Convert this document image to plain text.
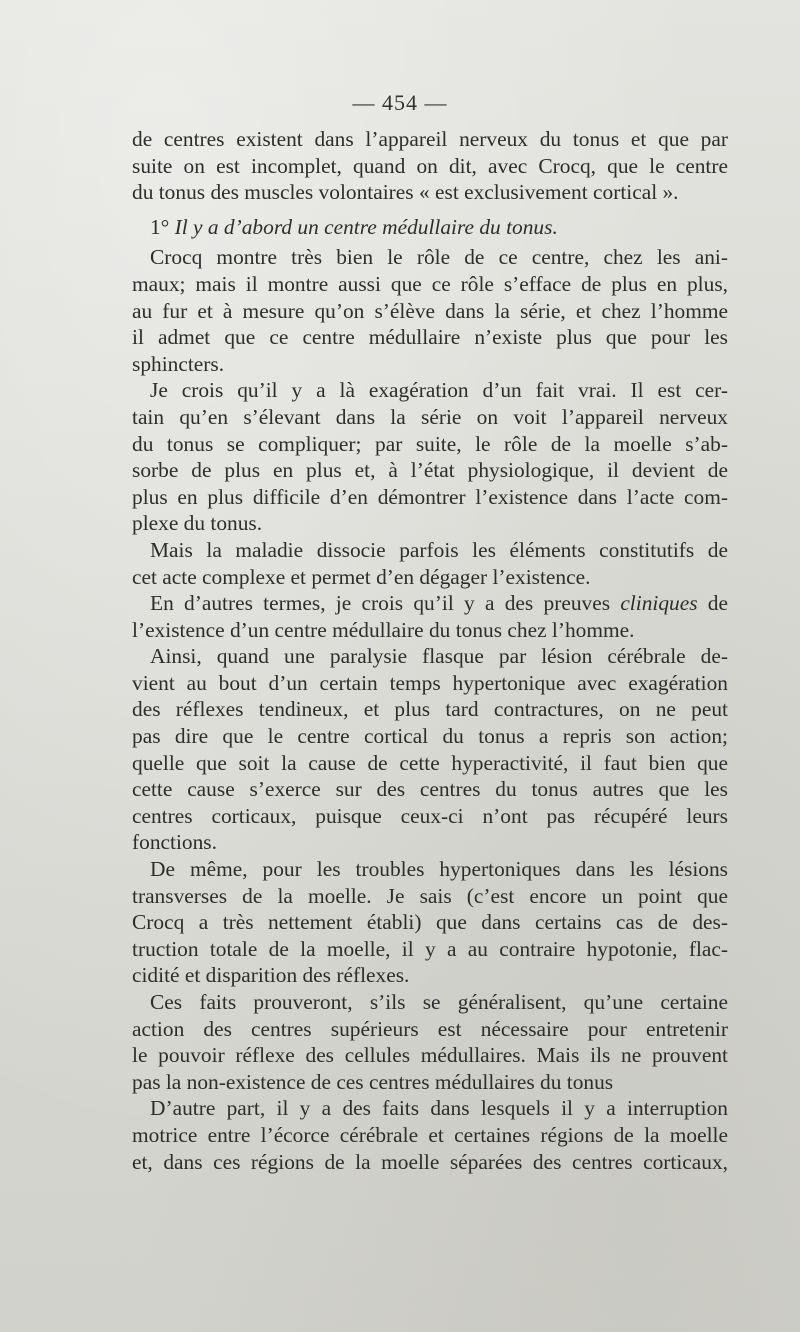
— 454 —
de centres existent dans l’appareil nerveux du tonus et que par
suite on est incomplet, quand on dit, avec Crocq, que le centre
du tonus des muscles volontaires « est exclusivement cortical ».
1° Il y a d’abord un centre médullaire du tonus.
Crocq montre très bien le rôle de ce centre, chez les ani-
maux; mais il montre aussi que ce rôle s’efface de plus en plus,
au fur et à mesure qu’on s’élève dans la série, et chez l’homme
il admet que ce centre médullaire n’existe plus que pour les
sphincters.
Je crois qu’il y a là exagération d’un fait vrai. Il est cer-
tain qu’en s’élevant dans la série on voit l’appareil nerveux
du tonus se compliquer; par suite, le rôle de la moelle s’ab-
sorbe de plus en plus et, à l’état physiologique, il devient de
plus en plus difficile d’en démontrer l’existence dans l’acte com-
plexe du tonus.
Mais la maladie dissocie parfois les éléments constitutifs de
cet acte complexe et permet d’en dégager l’existence.
En d’autres termes, je crois qu’il y a des preuves cliniques de
l’existence d’un centre médullaire du tonus chez l’homme.
Ainsi, quand une paralysie flasque par lésion cérébrale de-
vient au bout d’un certain temps hypertonique avec exagération
des réflexes tendineux, et plus tard contractures, on ne peut
pas dire que le centre cortical du tonus a repris son action;
quelle que soit la cause de cette hyperactivité, il faut bien que
cette cause s’exerce sur des centres du tonus autres que les
centres corticaux, puisque ceux-ci n’ont pas récupéré leurs
fonctions.
De même, pour les troubles hypertoniques dans les lésions
transverses de la moelle. Je sais (c’est encore un point que
Crocq a très nettement établi) que dans certains cas de des-
truction totale de la moelle, il y a au contraire hypotonie, flac-
cidité et disparition des réflexes.
Ces faits prouveront, s’ils se généralisent, qu’une certaine
action des centres supérieurs est nécessaire pour entretenir
le pouvoir réflexe des cellules médullaires. Mais ils ne prouvent
pas la non-existence de ces centres médullaires du tonus
D’autre part, il y a des faits dans lesquels il y a interruption
motrice entre l’écorce cérébrale et certaines régions de la moelle
et, dans ces régions de la moelle séparées des centres corticaux,
